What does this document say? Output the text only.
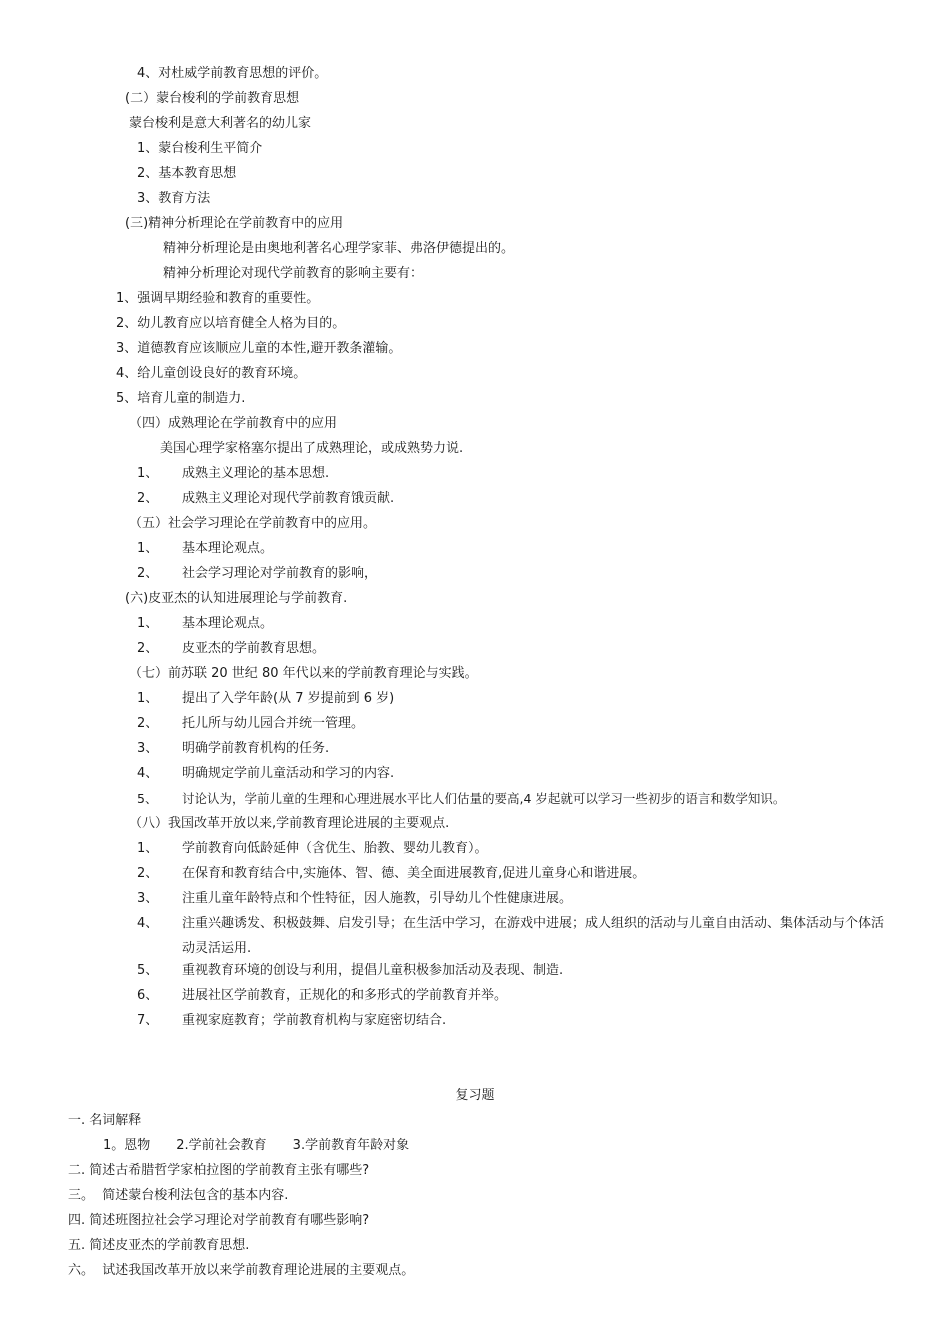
4、对杜威学前教育思想的评价。
(二）蒙台梭利的学前教育思想
蒙台梭利是意大利著名的幼儿家
1、蒙台梭利生平简介
2、基本教育思想
3、教育方法
(三)精神分析理论在学前教育中的应用
精神分析理论是由奥地利著名心理学家菲、弗洛伊德提出的。
精神分析理论对现代学前教育的影响主要有：
1、强调早期经验和教育的重要性。
2、幼儿教育应以培育健全人格为目的。
3、道德教育应该顺应儿童的本性,避开教条灌输。
4、给儿童创设良好的教育环境。
5、培育儿童的制造力.
（四）成熟理论在学前教育中的应用
美国心理学家格塞尔提出了成熟理论，或成熟势力说.
1、 成熟主义理论的基本思想.
2、 成熟主义理论对现代学前教育饿贡献.
（五）社会学习理论在学前教育中的应用。
1、 基本理论观点。
2、 社会学习理论对学前教育的影响，
(六)皮亚杰的认知进展理论与学前教育.
1、 基本理论观点。
2、 皮亚杰的学前教育思想。
（七）前苏联 20 世纪 80 年代以来的学前教育理论与实践。
1、 提出了入学年龄(从 7 岁提前到 6 岁)
2、 托儿所与幼儿园合并统一管理。
3、 明确学前教育机构的任务.
4、 明确规定学前儿童活动和学习的内容.
5、 讨论认为，学前儿童的生理和心理进展水平比人们估量的要高,4 岁起就可以学习一些初步的语言和数学知识。
（八）我国改革开放以来,学前教育理论进展的主要观点.
1、 学前教育向低龄延伸（含优生、胎教、婴幼儿教育）。
2、 在保育和教育结合中,实施体、智、德、美全面进展教育,促进儿童身心和谐进展。
3、 注重儿童年龄特点和个性特征，因人施教，引导幼儿个性健康进展。
4、	注重兴趣诱发、积极鼓舞、启发引导；在生活中学习，在游戏中进展；成人组织的活动与儿童自由活动、集体活动与个体活动灵活运用.
5、 重视教育环境的创设与利用，提倡儿童积极参加活动及表现、制造.
6、 进展社区学前教育，正规化的和多形式的学前教育并举。
7、 重视家庭教育；学前教育机构与家庭密切结合.
复习题
一. 名词解释
1。恩物　　2.学前社会教育　　3.学前教育年龄对象
二. 简述古希腊哲学家柏拉图的学前教育主张有哪些?
三。  简述蒙台梭利法包含的基本内容.
四. 简述班图拉社会学习理论对学前教育有哪些影响?
五. 简述皮亚杰的学前教育思想.
六。  试述我国改革开放以来学前教育理论进展的主要观点。
